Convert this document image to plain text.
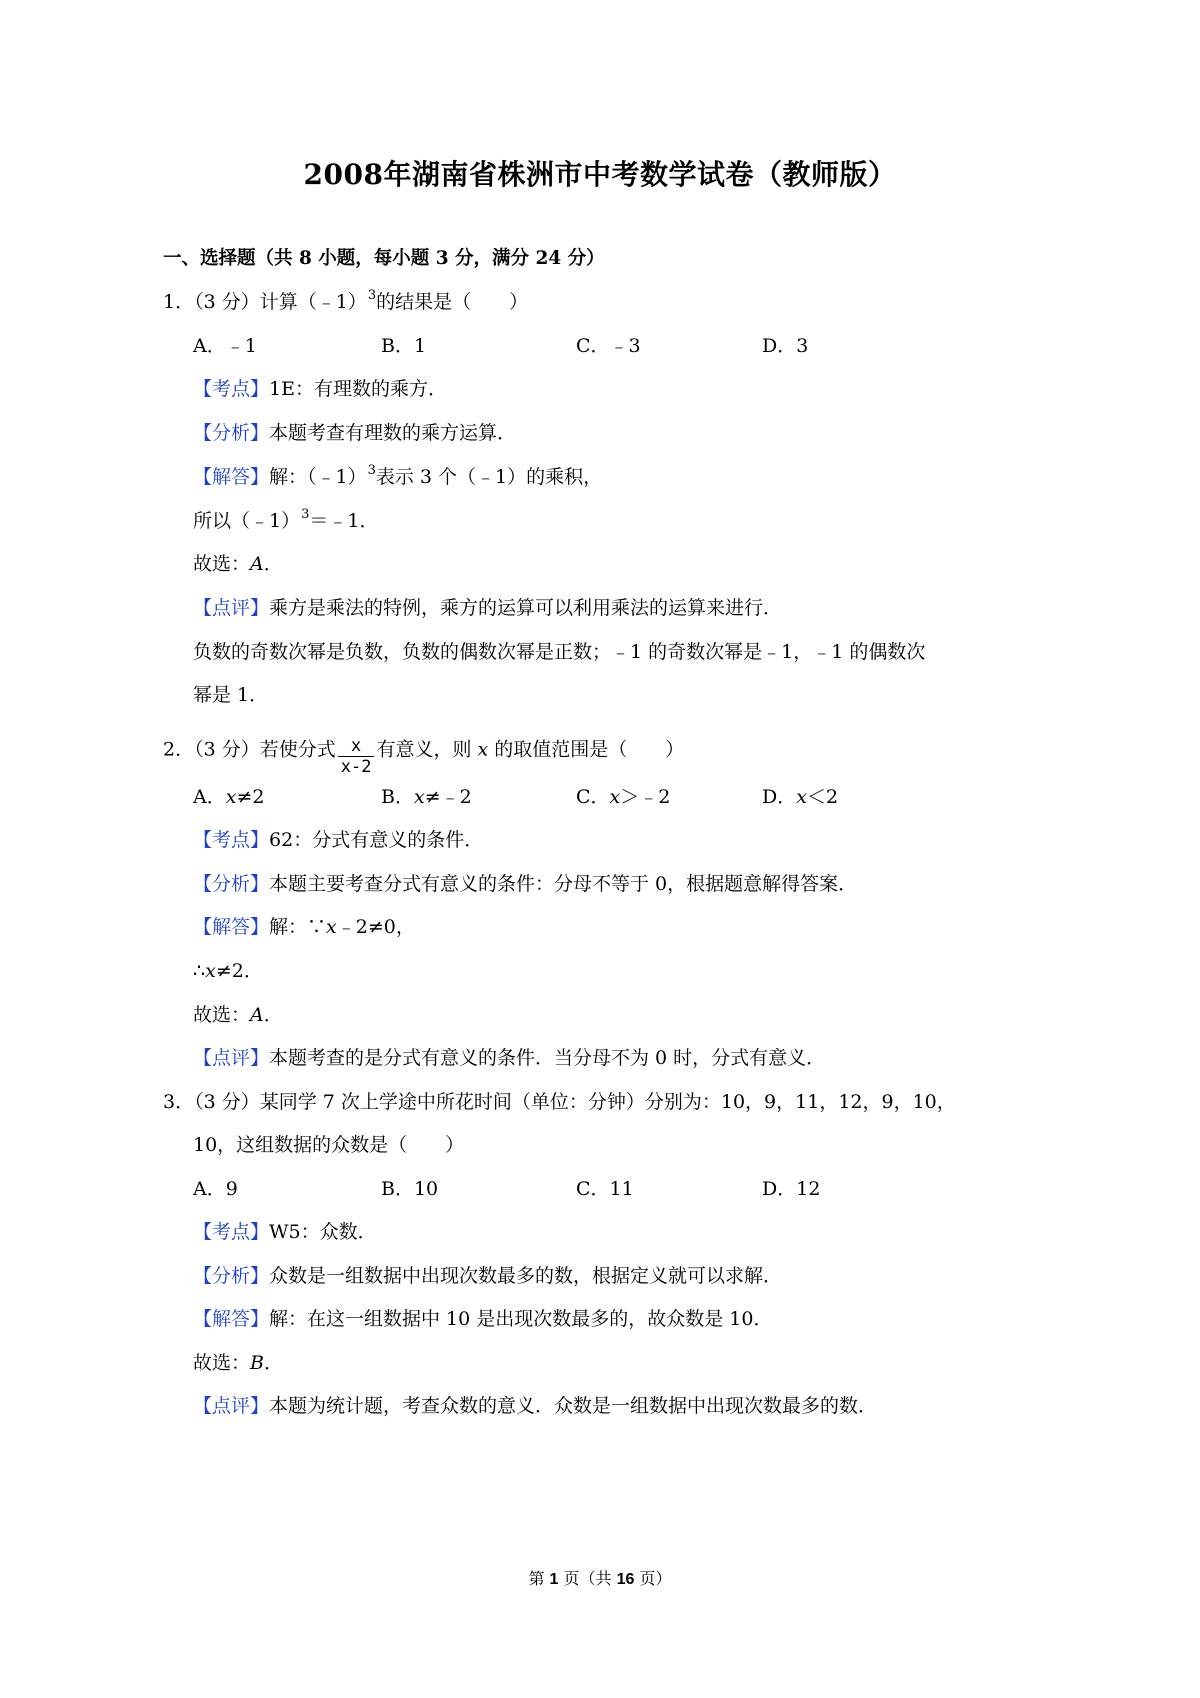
2008年湖南省株洲市中考数学试卷（教师版）
一、选择题（共 8 小题，每小题 3 分，满分 24 分）
1．（3 分）计算（﹣1）$^3$的结果是（　　）
A．﹣1	B．1	C．﹣3	D．3
【考点】1E：有理数的乘方．
【分析】本题考查有理数的乘方运算．
【解答】解：（﹣1）$^3$表示 3 个（﹣1）的乘积，
所以（﹣1）$^3$＝﹣1．
故选：A．
【点评】乘方是乘法的特例，乘方的运算可以利用乘法的运算来进行．
负数的奇数次幂是负数，负数的偶数次幂是正数；﹣1 的奇数次幂是﹣1，﹣1 的偶数次
幂是 1．
2．（3 分）若使分式 $\frac{x}{x-2}$ 有意义，则 x 的取值范围是（　　）
A．x≠2	B．x≠﹣2	C．x＞﹣2	D．x＜2
【考点】62：分式有意义的条件．
【分析】本题主要考查分式有意义的条件：分母不等于 0，根据题意解得答案．
【解答】解：∵x﹣2≠0，
∴x≠2．
故选：A．
【点评】本题考查的是分式有意义的条件．当分母不为 0 时，分式有意义．
3．（3 分）某同学 7 次上学途中所花时间（单位：分钟）分别为：10，9，11，12，9，10，
10，这组数据的众数是（　　）
A．9	B．10	C．11	D．12
【考点】W5：众数．
【分析】众数是一组数据中出现次数最多的数，根据定义就可以求解．
【解答】解：在这一组数据中 10 是出现次数最多的，故众数是 10．
故选：B．
【点评】本题为统计题，考查众数的意义．众数是一组数据中出现次数最多的数．
第 1 页（共 16 页）
